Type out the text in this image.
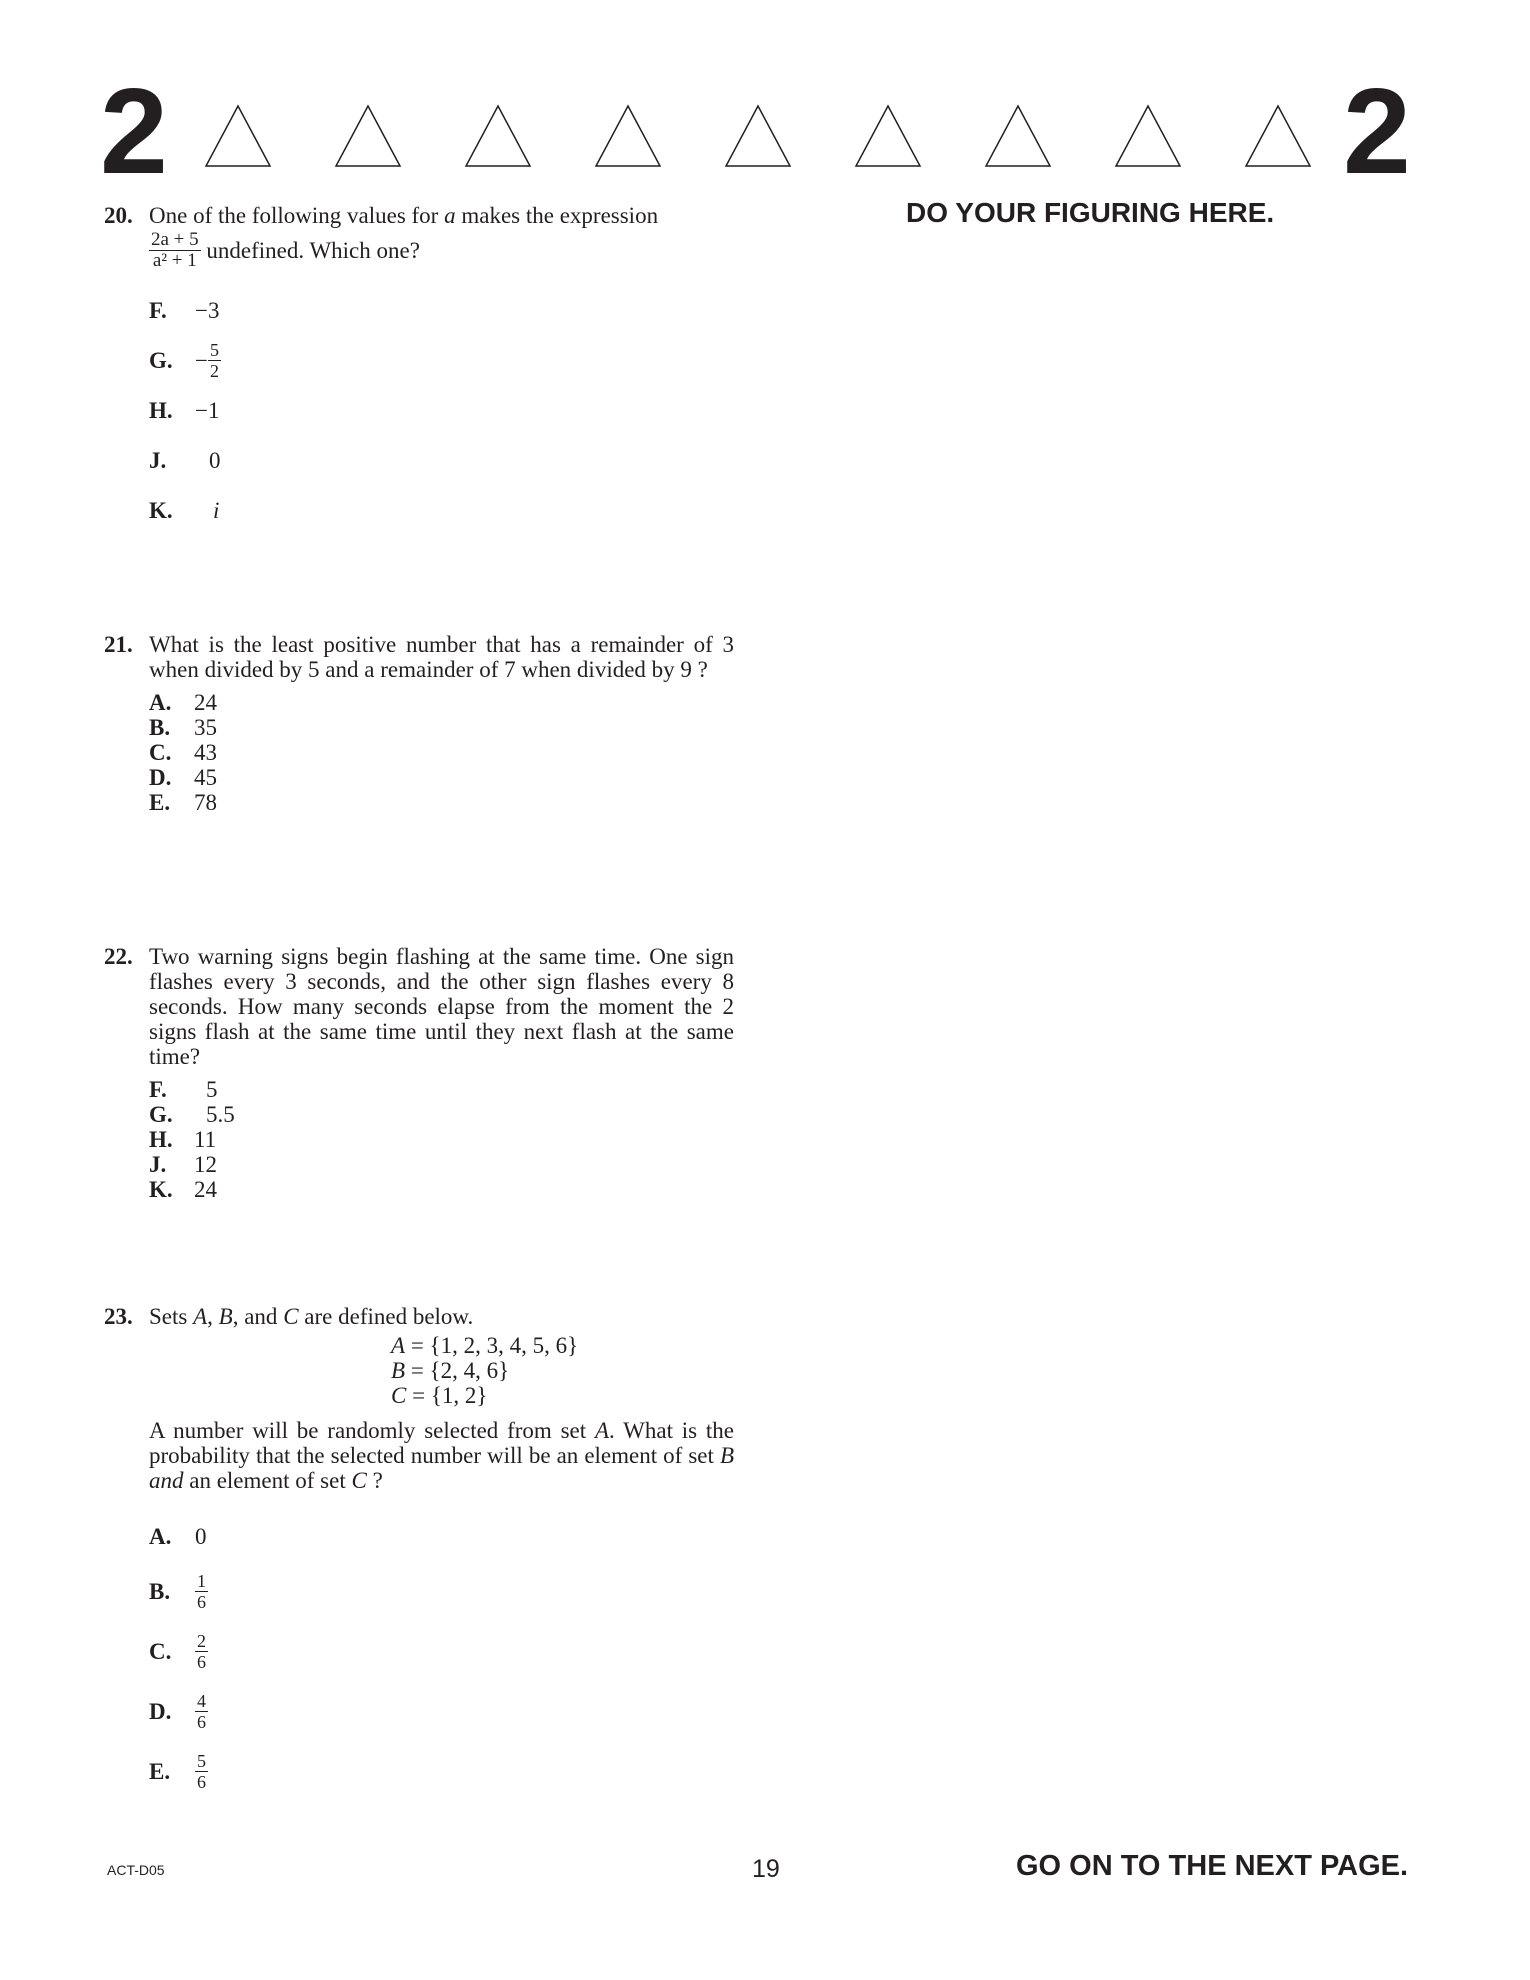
2	2
DO YOUR FIGURING HERE.
20. One of the following values for a makes the expression

$\frac{2a + 5}{\text{a² + 1}}$ undefined. Which one?

F.	−3
G. − $\frac{5}{2}$
H. −1
J.	0
K.	i
21. What is the least positive number that has a remainder of 3 when divided by 5 and a remainder of 7 when divided by 9 ?
A. 24
B.	35
C. 43
D. 45
E.	78
22. Two warning signs begin flashing at the same time. One sign flashes every 3 seconds, and the other sign flashes every 8 seconds. How many seconds elapse from the moment the 2 signs flash at the same time until they next flash at the same time?
F.	5
G.	5.5
H. 11
J.	12
K. 24
23. Sets A, B, and C are defined below.
A = {1, 2, 3, 4, 5, 6}
B = {2, 4, 6}
C = {1, 2}
A number will be randomly selected from set A. What is the probability that the selected number will be an element of set B and an element of set C ?
A.	0
B.	$\frac{1}{6}$
C.	$\frac{2}{6}$
D.	$\frac{4}{6}$
E.	$\frac{5}{6}$
ACT-D05	19	GO ON TO THE NEXT PAGE.
